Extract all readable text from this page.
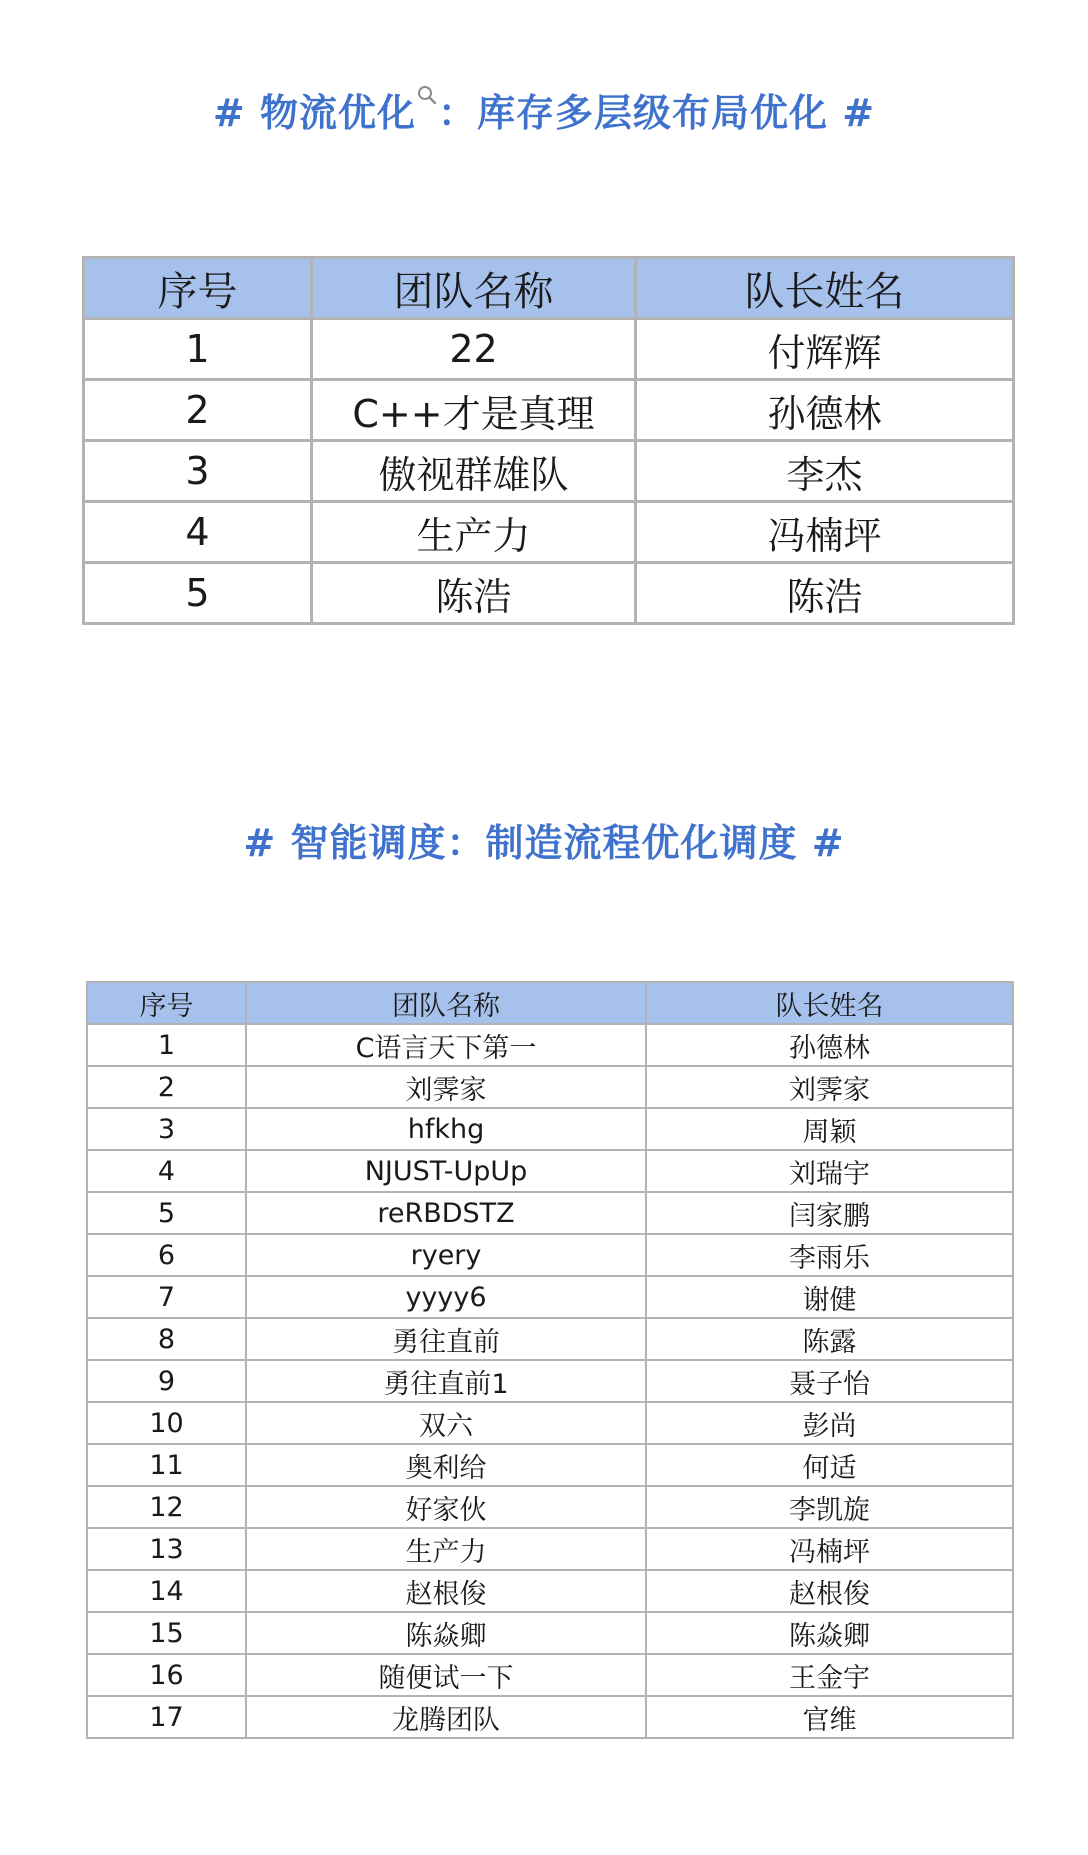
# 物流优化 ：库存多层级布局优化 #
序号	团队名称	队长姓名
1	22	付辉辉
2	C++才是真理	孙德林
3	傲视群雄队	李杰
4	生产力	冯楠坪
5	陈浩	陈浩
# 智能调度：制造流程优化调度 #
序号	团队名称	队长姓名
1	C语言天下第一	孙德林
2	刘霁家	刘霁家
3	hfkhg	周颖
4	NJUST-UpUp	刘瑞宇
5	reRBDSTZ	闫家鹏
6	ryery	李雨乐
7	yyyy6	谢健
8	勇往直前	陈露
9	勇往直前1	聂子怡
10	双六	彭尚
11	奥利给	何适
12	好家伙	李凯旋
13	生产力	冯楠坪
14	赵根俊	赵根俊
15	陈焱卿	陈焱卿
16	随便试一下	王金宇
17	龙腾团队	官维
